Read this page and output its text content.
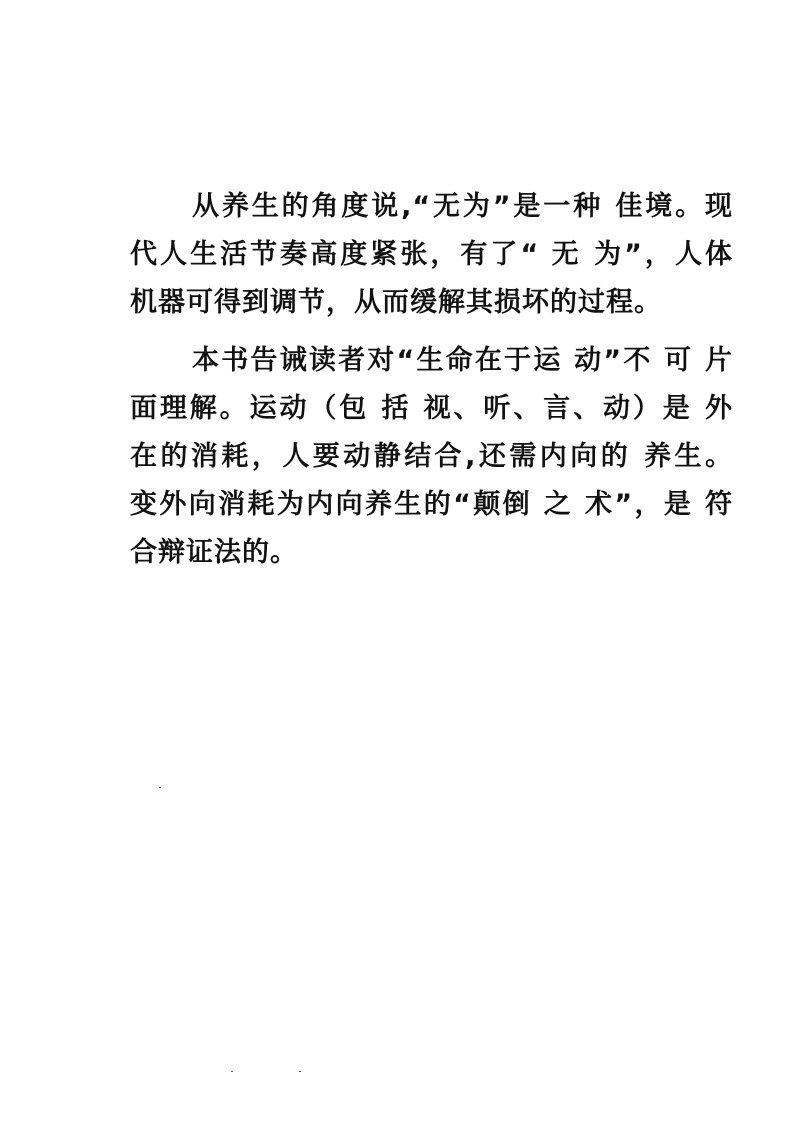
从养生的角度说,“无为”是一种 佳境。现
代人生活节奏高度紧张，有了“ 无 为”，人体
机器可得到调节，从而缓解其损坏的过程。
本书告诫读者对“生命在于运 动”不 可 片
面理解。运动（包 括 视、听、言、动）是 外
在的消耗，人要动静结合,还需内向的 养生。
变外向消耗为内向养生的“颠倒 之 术”，是 符
合辩证法的。
